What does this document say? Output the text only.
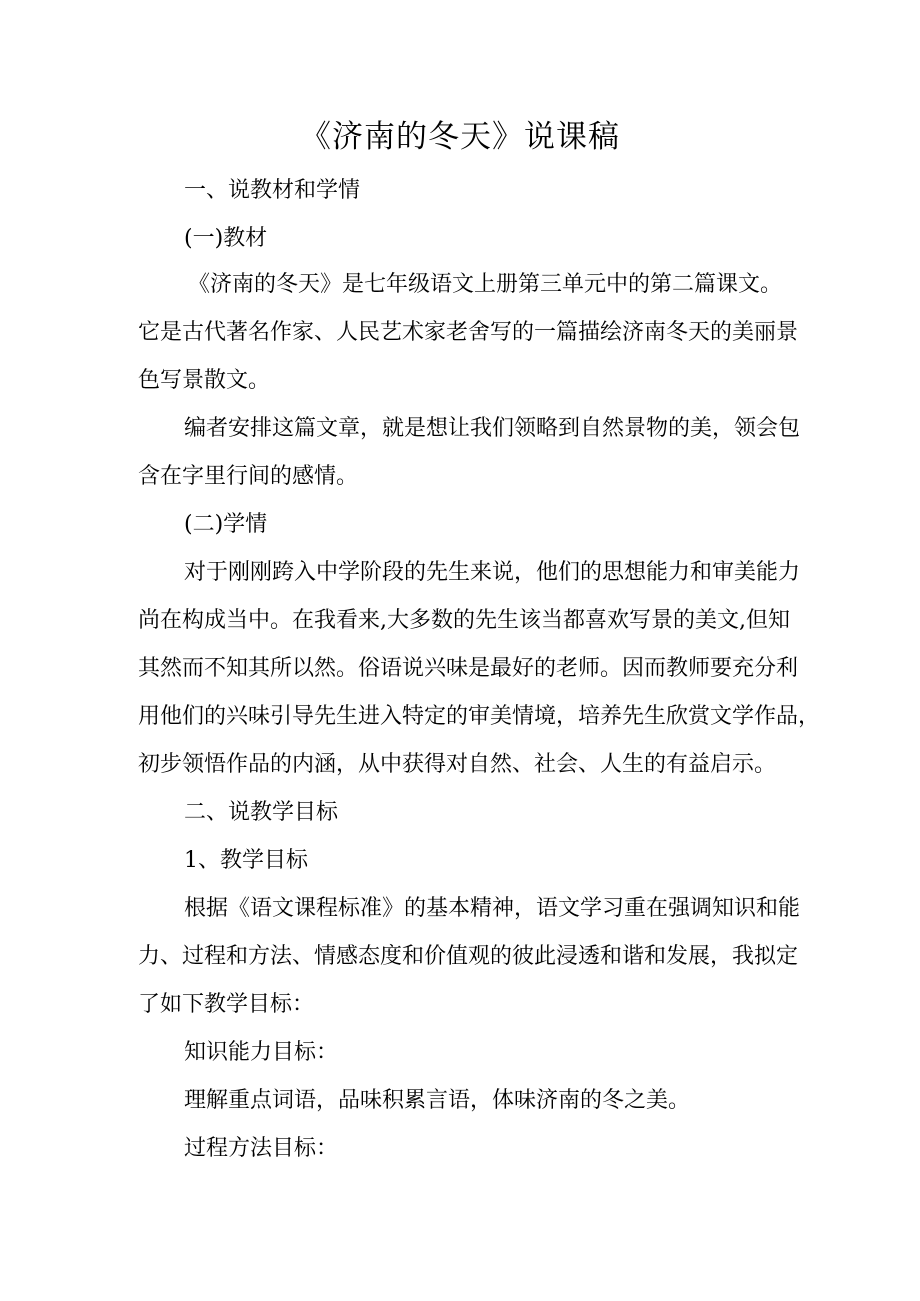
《济南的冬天》说课稿

一、说教材和学情

(一)教材

《济南的冬天》是七年级语文上册第三单元中的第二篇课文。

它是古代著名作家、人民艺术家老舍写的一篇描绘济南冬天的美丽景

色写景散文。

编者安排这篇文章，就是想让我们领略到自然景物的美，领会包

含在字里行间的感情。

(二)学情

对于刚刚跨入中学阶段的先生来说，他们的思想能力和审美能力

尚在构成当中。在我看来,大多数的先生该当都喜欢写景的美文,但知

其然而不知其所以然。俗语说兴味是最好的老师。因而教师要充分利

用他们的兴味引导先生进入特定的审美情境，培养先生欣赏文学作品，

初步领悟作品的内涵，从中获得对自然、社会、人生的有益启示。

二、说教学目标

1、教学目标

根据《语文课程标准》的基本精神，语文学习重在强调知识和能

力、过程和方法、情感态度和价值观的彼此浸透和谐和发展，我拟定

了如下教学目标：

知识能力目标：

理解重点词语，品味积累言语，体味济南的冬之美。

过程方法目标：
